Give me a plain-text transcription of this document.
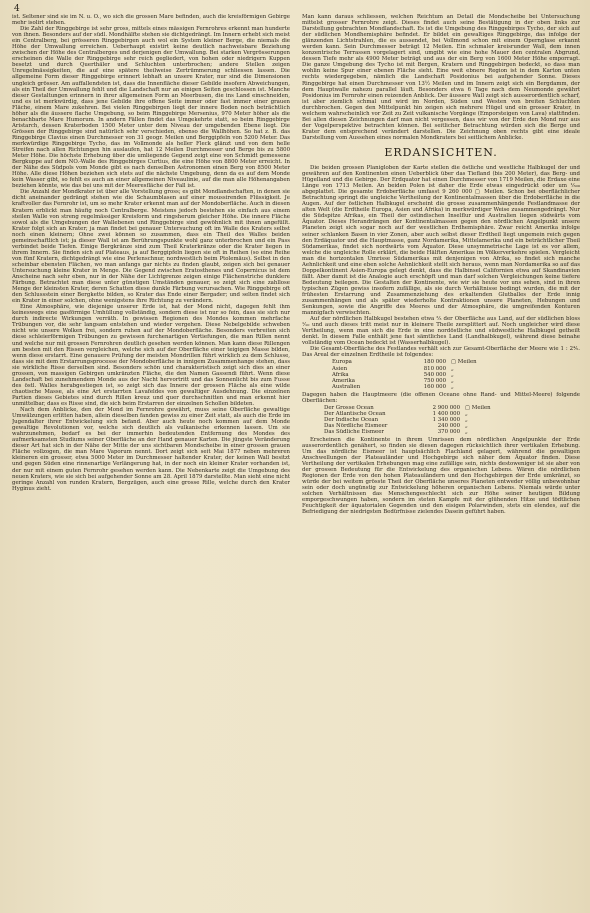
4

ist. Seltener sind sie im N. u. O., wo sich die grossen Mare befinden, auch die kreisförmigen Gebirge mehr isolirt stehen.

Die Zahl der Ringgebirge ist sehr gross, mittels eines mässigen Fernrohres erkennt man hunderte von ihnen. Besonders auf der südl. Mondhälfte stehen sie dichtgedrängt. Im Innern erhebt sich meist ein Centralberg, bei grösseren Ringgebirgen auch wol ein System kleiner Berge, die niemals die Höhe der Umwallung erreichen. Ueberhaupt existirt keine deutlich nachweisbare Beziehung zwischen der Höhe des Centralberges und derjenigen der Umwallung. Bei starken Vergrösserungen erscheinen die Walle der Ringgebirge sehr reich gegliedert, von hohen oder niedrigern Kuppen besetzt und durch Querthäler und Schluchten unterbrochen; andere Stellen zeigen Unregelmässigkeiten, die auf eine spätere theilweise Zertrümmerung schliessen lassen. Die allgemeine Form dieser Ringgebirge erinnert lebhaft an unsere Krater, nur sind die Dimensionen ungleich grösser. Am auffallendsten ist, dass die Innenfläche dieser Gebilde insofern Abweichungen, als ein Theil der Umwallung fehlt und die Landschaft nur an einigen Seiten geschlossen ist. Manche dieser Gestaltungen erinnern in ihrer allgemeinen Form an Meerbusen, die ins Land einschneiden, und es ist merkwürdig, dass jene Gebilde ihre offene Seite immer oder fast immer einer grauen Fläche, einem Mare zukehren. Bei vielen Ringgebirgen liegt der innere Boden noch beträchtlich höher als die äussere flache Umgebung, so beim Ringgebirge Mersenius, 970 Meter höher als die benachbarte Mare Humorum. In andern Fällen findet das Umgekehrte statt, so beim Ringgebirge Aristarch, dessen Kraterboden 1500 Meter unter dem Niveau der umgebenden Ebene liegt. Die Grössen der Ringgebirge sind natürlich sehr verschieden, ebenso die Wallhöhen. So hat z. B. das Ringgebirge Clavius einen Durchmesser von 31 geogr. Meilen und Berggipfeln von 5200 Meter. Das merkwürdige Ringgebirge Tycho, das im Vollmonde als heller Fleck glänzt und von dem helle Streifen nach allen Richtungen hin auslaufen, hat 12 Meilen Durchmesser und Berge bis zu 5800 Meter Höhe. Die höchste Erhebung über die umliegende Gegend zeigt eine von Schmidt gemessene Bergkuppe auf dem NO.-Walle des Ringgebirges Curtius, die eine Höhe von 8800 Meter erreicht. In der Nähe des Südpols vom Monde gibt es nach denselben Astronomen einen Berg von 8500 Meter Höhe. Alle diese Höhen beziehen sich stets auf die nächste Umgebung, denn da es auf dem Monde kein Wasser gibt, so fehlt es auch an einer allgemeinen Niveaulinie, auf die man alle Höhenangaben beziehen könnte, wie das bei uns mit der Meeresfläche der Fall ist.

Die Anzahl der Mondkrater ist über alle Vorstellung gross; es gibt Mondlandschaften, in denen sie dicht aneinander gedrängt stehen wie die Schaumblasen auf einer moussirenden Flüssigkeit. Je kraftvoller das Fernrohr ist, um so mehr Krater erkennt man auf der Mondoberfläche. Auch in diesen Kratern erblickt man häufig noch Centralberge. Meistens jedoch bestehen sie einfach aus einem steilen Walle von streng regelmässiger Kreisform und ringsherum gleicher Höhe. Die innere Fläche sowol als die Umgebungen der Wallebenen und Ringgebirge sind gewöhnlich mit ihnen angefüllt. Krater folgt sich an Krater; ja man findet bei genauer Untersuchung oft im Walle des Kraters selbst noch einen kleinern; Ohne zwei können so zusammen, dass ein Theil des Walles beiden gemeinschaftlich ist; ja dieser Wall ist am Berührungspunkte wohl ganz unterbrochen und ein Pass verbindet beide Tiefen. Einige Bergkränze sind zum Theil Kraterkränze oder die Krater liegen in ihrem Innern. Sie finden sich auf Plateaus, ja auf Berggipfeln liegen sie oft in Reihen (so eine Reihe von fünf Kratern, dichtgedrängt wie eine Perlenschnur, nordwestlich beim Ptolemäus). Selbst in den scheinbar ebensten Flächen, wo man anfangs gar nichts zu finden glaubt, zeigen sich bei genauer Untersuchung kleine Krater in Menge. Die Gegend zwischen Eratosthenes und Copernicus ist dem Anscheine nach sehr eben, nur in der Nähe der Lichtgrenze zeigen einige Flächenstriche dunklere Färbung. Betrachtet man diese unter günstigen Umständen genauer, so zeigt sich eine zahllose Menge der kleinsten Krater, deren Schatten diese dunkle Färbung verursachen. Wie Ringgebirge oft den Schlussstein einer Bergkette bilden, so Krater das Ende einer Bergader; und selten findet sich ein Krater in einer solchen, ohne wenigstens ihre Richtung zu verändern.

Eine Atmosphäre, wie diejenige unserer Erde ist, hat der Mond nicht, dagegen fehlt ihm keineswegs eine gasförmige Umhüllung vollständig, sondern diese ist nur so fein, dass sie sich nur durch indirecte Wirkungen verräth. In gewissen Regionen des Mondes kommen mehrfache Trübungen vor, die sehr langsam entstehen und wieder vergehen. Diese Nebelgebilde schweben nicht wie unsere Wolken frei, sondern ruhen auf der Mondoberfläche. Besonders verbreiten sich diese schleierförmigen Trübungen zu gewissen furchenartigen Vertiefungen, die man Rillen nennt und welche nur mit grossen Fernrohren deutlich gesehen werden können. Man kann diese Rillengen am besten mit den Rissen vergleichen, welche sich auf der Oberfläche einer teigigen Masse bilden, wenn diese erstarrt. Eine genauere Prüfung der meisten Mondrillen führt wirklich zu dem Schlusse, dass sie mit dem Erstarrungsprocesse der Mondoberfläche in innigem Zusammenhange stehen, dass sie wirkliche Risse derselben sind. Besonders schön und charakteristisch zeigt sich dies an einer grossen, von massigen Gebirgen umkränzten Fläche, die den Namen Gassendi führt. Wenn diese Landschaft bei zunehmendem Monde aus der Nacht hervortritt und das Sonnenlicht bis zum Fusse des östl. Walles herabgestiegen ist, so zeigt sich das Innere der grossen Fläche als eine wilde chaotische Masse, als eine Art erstarrten Lavafeldes von gewaltiger Ausdehnung. Die einzelnen Partien dieses Gebietes sind durch Rillen kreuz und quer durchschnitten und man erkennt hier unmittelbar, dass es Risse sind, die sich beim Erstarren der einzelnen Schollen bildeten.

Nach dem Anblicke, den der Mond im Fernrohre gewährt, muss seine Oberfläche gewaltige Umwälzungen erlitten haben, allein dieselben fanden gewiss zu einer Zeit statt, als auch die Erde im Jugendalter ihrer Entwickelung sich befand. Aber auch heute noch kommen auf dem Monde gewaltige Revolutionen vor, welche sich deutlich als vulkanische erkennen lassen. Um sie wahrzunehmen, bedarf es bei der immerhin bedeutenden Entfernung des Mondes des aufmerksamsten Studiums seiner Oberfläche an der Hand genauer Karten. Die jüngste Veränderung dieser Art hat sich in der Nähe der Mitte der uns sichtbaren Mondscheibe in einer grossen grauen Fläche vollzogen, die man Mare Vaporum nennt. Dort zeigt sich seit Mai 1877 neben mehreren kleineren ein grosser, etwa 5000 Meter im Durchmesser haltender Krater, der keinen Wall besitzt und gegen Süden eine rinnenartige Verlängerung hat, in der noch ein kleiner Krater vorhanden ist, der nur mit einem guten Fernrohr gesehen werden kann. Die Nebenkarte zeigt die Umgebung des neuen Kraters, wie sie sich bei aufgehender Sonne am 28. April 1879 darstellte. Man sieht eine nicht geringe Anzahl von runden Kratern, Bergzügen, auch eine grosse Rille, welche durch den Krater Hyginus zieht.

Man kann daraus schliessen, welchen Reichtum an Detail die Mondscheibe bei Untersuchung mittelst grosser Fernrohre zeigt. Dieses findet auch seine Bestätigung in der oben links zur Darstellung gebrachten Mondlandschaft. Es ist die Umgebung des Ringgebirges Tycho, der sich auf der südlichen Mondhemisphäre befindet. Er bildet ein gewaltiges Ringgebirge, das infolge der glänzenden Lichtstrahlen, die es aussendet, bei Vollmond schon mit einem Opernglase erkannt werden kann. Sein Durchmesser beträgt 12 Meilen. Ein schmaler kreisrunder Wall, dem innen konzentrische Terrassen vorgelagert sind, umgibt wie eine hohe Mauer den centralen Abgrund, dessen Tiefe mehr als 4900 Meter beträgt und aus der ein Berg von 1600 Meter Höhe emporragt. Die ganze Umgebung des Tycho ist mit Bergen, Kratern und Ringgebirgen bedeckt, so dass man wohlin keine Spur einer ebenen Fläche sieht. Eine weit ebnere Region ist in dem Karton unten rechts wiedergegeben, nämlich die Landschaft Posidonius bei aufgehender Sonne. Dieses Ringgebirge hat einen Durchmesser von 13½ Meilen und im Innern zeigt sich ein Bergdamm, der dem Hauptwalle nahezu parallel läuft. Besonders etwa 6 Tage nach dem Neumonde gewährt Posidonius im Fernrohr einen reizenden Anblick. Der äussere Wall zeigt sich ausserordentlich scharf, ist aber ziemlich schmal und wird im Norden, Süden und Westen von breiten Schluchten durchbrochen. Gegen den Mittelpunkt hin zeigen sich mehrere Hügel und ein grosser Krater, in welchem wahrscheinlich vor Zeit zu Zeit vulkanische Vorgänge (Emporsteigen von Lava) stattfinden. Bei allen diesen Zeichnungen darf man nicht vergessen, dass wir von der Erde den Mond nur aus der Vogelperspektive betrachten können. Bei seitlicher Betrachtung würden sich die Berge und Krater dem entsprechend verändert darstellen. Die Zeichnung oben rechts gibt eine ideale Darstellung vom Aussehen eines normalen Mondkraters bei seitlichem Anblicke.

ERDANSICHTEN.

Die beiden grossen Planigloben der Karte stellen die östliche und westliche Halbkugel der und gewähren auf den Kontinenten einen Ueberblick über das Tiefland (bis 200 Meter), das Berg- und Hügelland und die Gebirge. Der Erdquator hat einen Durchmesser von 1719 Meilen, die Erdaxe eine Länge von 1713 Meilen. An beiden Polen ist daher die Erde etwas eingedrückt oder um ¹⁄₃₀₀ abgeplattet. Die gesamte Erdoberfläche umfasst 9 260 000 ▢ Meilen. Schon bei oberflächlicher Betrachtung springt die ungleiche Vertheilung der Kontinentalmassen über die Erdoberfläche in die Augen. Auf der östlichen Halbkugel erscheint die grosse zusammenhängende Festlandmasse der alten Welt (die Erdtheile Europa, Asien und Afrika) in merkwürdiger Weise zusammengedrängt. Nur die Südspitze Afrikas, ein Theil der ostindischen Inselflur und Australien liegen südwärts vom Äquator. Dieses Herandrängen der Kontinentalmassen gegen den nördlichen Angelpunkt unsere Planeten zeigt sich sogar noch auf der westlichen Erdhemisphäre. Zwar reicht Amerika infolge seiner schlanken Basen in vier Zonen, aber auch selbst dieser Erdtheil liegt ungemein reich gegen den Erdäquator und die Hauptmasse, ganz Nordamerika, Mittelamerika und ein beträchtlicher Theil Südamerikas, findet sich nordwärts vom Äquator. Diese unsymmetrische Lage ist es vor allem, welche die ungleiche Rolle erklärt, die beide Hälften Amerikas im Völkerverkehre spielen. Vergleicht man die horizontalen Umrisse Südamerikas mit denjenigen von Afrika, so findet sich manche Aehnlichkeit und eine eben solche Aehnlichkeit stellt sich heraus, wenn man Nordamerika so auf das Doppelkontinent Asien-Europa gelegt denkt, dass die Halbinsel Californien etwa auf Skandinavien fällt. Aber damit ist die Analogie auch erschöpft und man darf solchen Vergleichungen keine tiefere Bedeutung beilegen. Die Gestalten der Kontinente, wie wir sie heute vor uns sehen, sind in ihren typischen Zügen gewiss insofern zufällige, als sie durch Verhältnisse bedingt wurden, die mit der frühesten Erstarrung und Zusammenziehung des erkaltenden Glutballes der Erde innig zusammenhängen und als später wiederholte Kontraktionen unsere Planeten, Hebungen und Senkungen, sowie die Angriffe des Meeres und der Atmosphäre, die umgreifenden Konturen mannigfach verwischten.

Auf der nördlichen Halbkugel bestehen etwa ²⁄₃ der Oberfläche aus Land, auf der südlichen bloss ¹⁄₁₀ und auch dieses tritt meist nur in kleinere Theile zersplittert auf. Noch ungleicher wird diese Vertheilung, wenn man sich die Erde in eine nordöstliche und südwestliche Halbkugel getheilt denkt. In diesem Falle enthält jene fast sämtliches Land (Landhalbkugel), während diese beinahe vollständig vom Ocean bedeckt ist (Wasserhalbkugel).

Die Gesamt-Oberfläche des Festlandes verhält sich zur Gesamt-Oberfläche der Meere wie 1 : 2⁴⁄₅. Das Areal der einzelnen Erdtheile ist folgendes:

Europa	180 000	▢ Meilen
Asien	810 000	„
Afrika	540 000	„
Amerika	750 000	„
Australien	160 000	„

Dagegen haben die Hauptmeere (die offenen Oceane ohne Rand- und Mittel-Meere) folgende Oberflächen:

Der Grosse Ocean	2 900 000	▢ Meilen
Der Atlantische Ocean	1 400 000	„
Der Indische Ocean	1 340 000	„
Das Nördliche Eismeer	240 000	„
Das Südliche Eismeer	370 000	„

Erscheinen die Kontinente in ihrem Umrissen dem nördlichen Angelpunkte der Erde ausserordentlich genähert, so finden sie diesen dagegen rücksichtlich ihrer vertikalen Erhebung. Um das nördliche Eismeer ist hauptsächlich Flachland gelagert, während die gewaltigen Anschwellungen der Plateauländer und Hochgebirge sich näher dem Äquator finden. Diese Vertheilung der vertikalen Erhebungen mag eine zufällige sein, nichts destoweniger ist sie aber von der grossen Bedeutung für die Entwickelung des organischen Lebens. Wären die nördlichen Regionen der Erde von den hohen Plateauländern und den Hochgebirgen der Erde umkränzt, so würde der bei weitem grösste Theil der Oberfläche unseres Planeten entweder völlig unbewohnbar sein oder doch ungünstig zur Entwickelung höheren organischen Lebens. Niemals würde unter solchen Verhältnissen das Menschengeschlecht sich zur Höhe seiner heutigen Bildung emporgeschwungen haben, sondern im steten Kampfe mit der glühenden Hitze und tödtlichen Feuchtigkeit der äquatorialen Gegenden und den eisigen Polarwinden, stets ein elendes, auf die Befriedigung der niedrigsten Bedürfnisse zielendes Dasein geführt haben.
